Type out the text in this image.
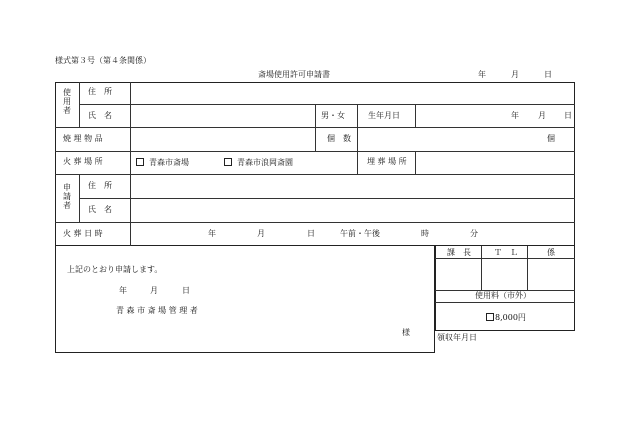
様式第３号（第４条関係）
斎場使用許可申請書	年	月	日
使用者
住　所
氏　名	男・女	生年月日	年 月 日
焼 埋 物 品	個　数	個
火 葬 場 所	青森市斎場	青森市浪岡斎園	埋 葬 場 所
申請者
住　所
氏　名
火 葬 日 時	年	月	日	午前・午後	時	分
上記のとおり申請します。
年	月	日
青 森 市 斎 場 管 理 者
様
課　長	Ｔ　Ｌ	係
使用料（市外）
8,000円
領収年月日
